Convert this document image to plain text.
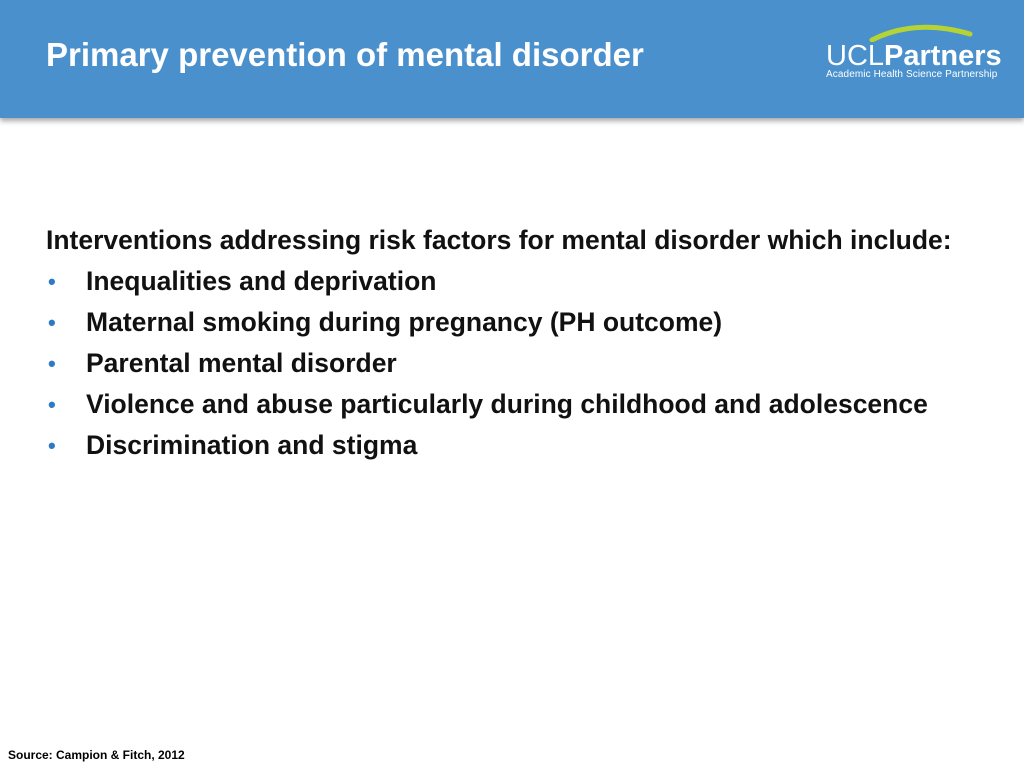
Primary prevention of mental disorder	UCLPartners
Academic Health Science Partnership

Interventions addressing risk factors for mental disorder which include:

• Inequalities and deprivation
• Maternal smoking during pregnancy (PH outcome)
• Parental mental disorder
• Violence and abuse particularly during childhood and adolescence
• Discrimination and stigma
Source: Campion & Fitch, 2012
